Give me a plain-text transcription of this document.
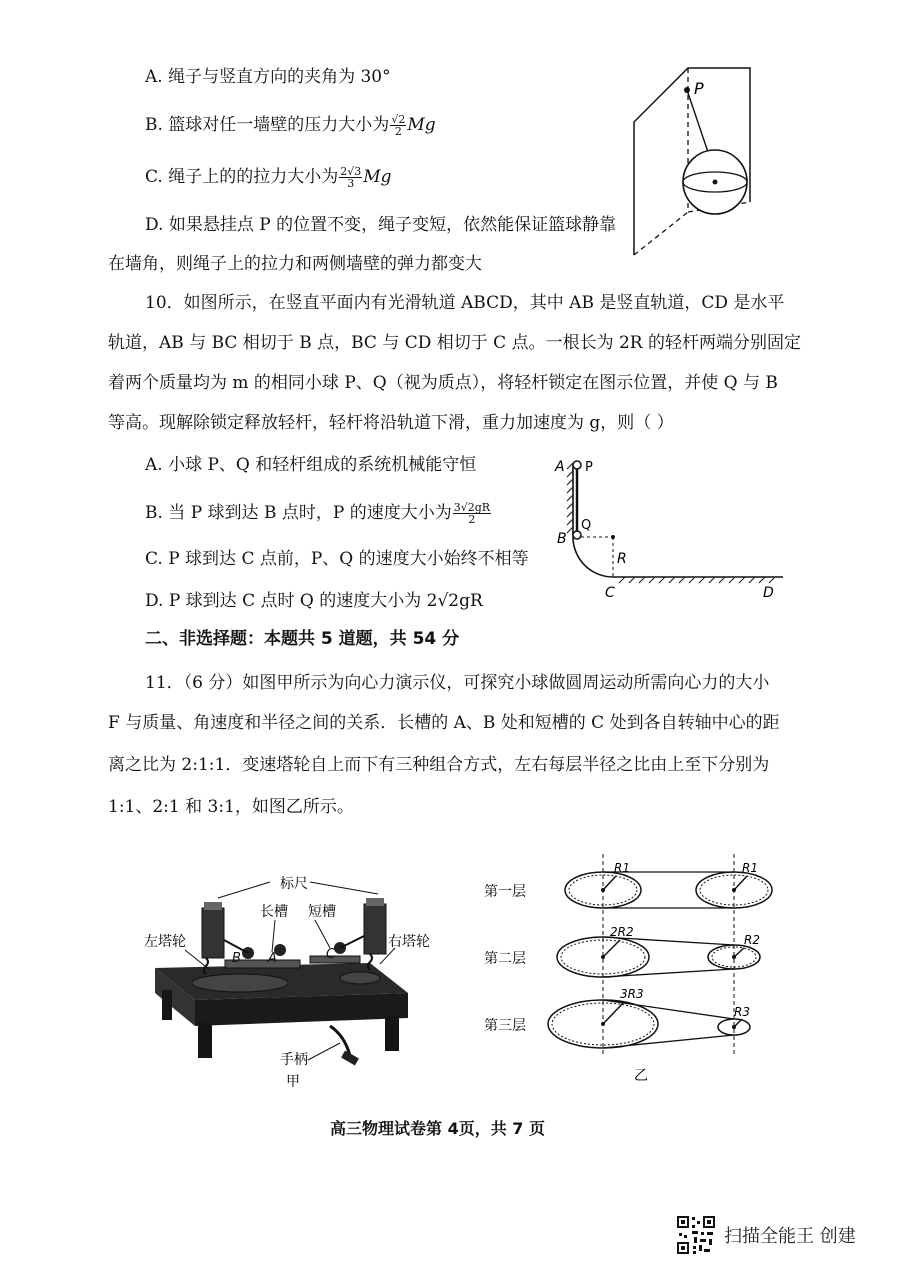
A. 绳子与竖直方向的夹角为 30°
B. 篮球对任一墙壁的压力大小为 $\frac{√2}{2}$ Mg
C. 绳子上的的拉力大小为 $\frac{2√3}{3}$ Mg
D. 如果悬挂点 P 的位置不变，绳子变短，依然能保证篮球静靠
在墙角，则绳子上的拉力和两侧墙壁的弹力都变大
P
10．如图所示，在竖直平面内有光滑轨道 ABCD，其中 AB 是竖直轨道，CD 是水平
轨道，AB 与 BC 相切于 B 点，BC 与 CD 相切于 C 点。一根长为 2R 的轻杆两端分别固定
着两个质量均为 m 的相同小球 P、Q（视为质点），将轻杆锁定在图示位置，并使 Q 与 B
等高。现解除锁定释放轻杆，轻杆将沿轨道下滑，重力加速度为 g，则（ ）
A. 小球 P、Q 和轻杆组成的系统机械能守恒
B. 当 P 球到达 B 点时，P 的速度大小为 $\frac{3√2gR}{2}$
C. P 球到达 C 点前，P、Q 的速度大小始终不相等
D. P 球到达 C 点时 Q 的速度大小为 2√2gR
A P
Q
B
R
C	D
二、非选择题：本题共 5 道题，共 54 分
11．（6 分）如图甲所示为向心力演示仪，可探究小球做圆周运动所需向心力的大小
F 与质量、角速度和半径之间的关系．长槽的 A、B 处和短槽的 C 处到各自转轴中心的距
离之比为 2:1:1．变速塔轮自上而下有三种组合方式，左右每层半径之比由上至下分别为
1:1、2:1 和 3:1，如图乙所示。
标尺
长槽 短槽
左塔轮	右塔轮
B A	C
手柄
甲
第一层
第二层
第三层
R1	R1
2R2
R2
3R3
R3
乙
高三物理试卷第 4页，共 7 页
扫描全能王 创建
